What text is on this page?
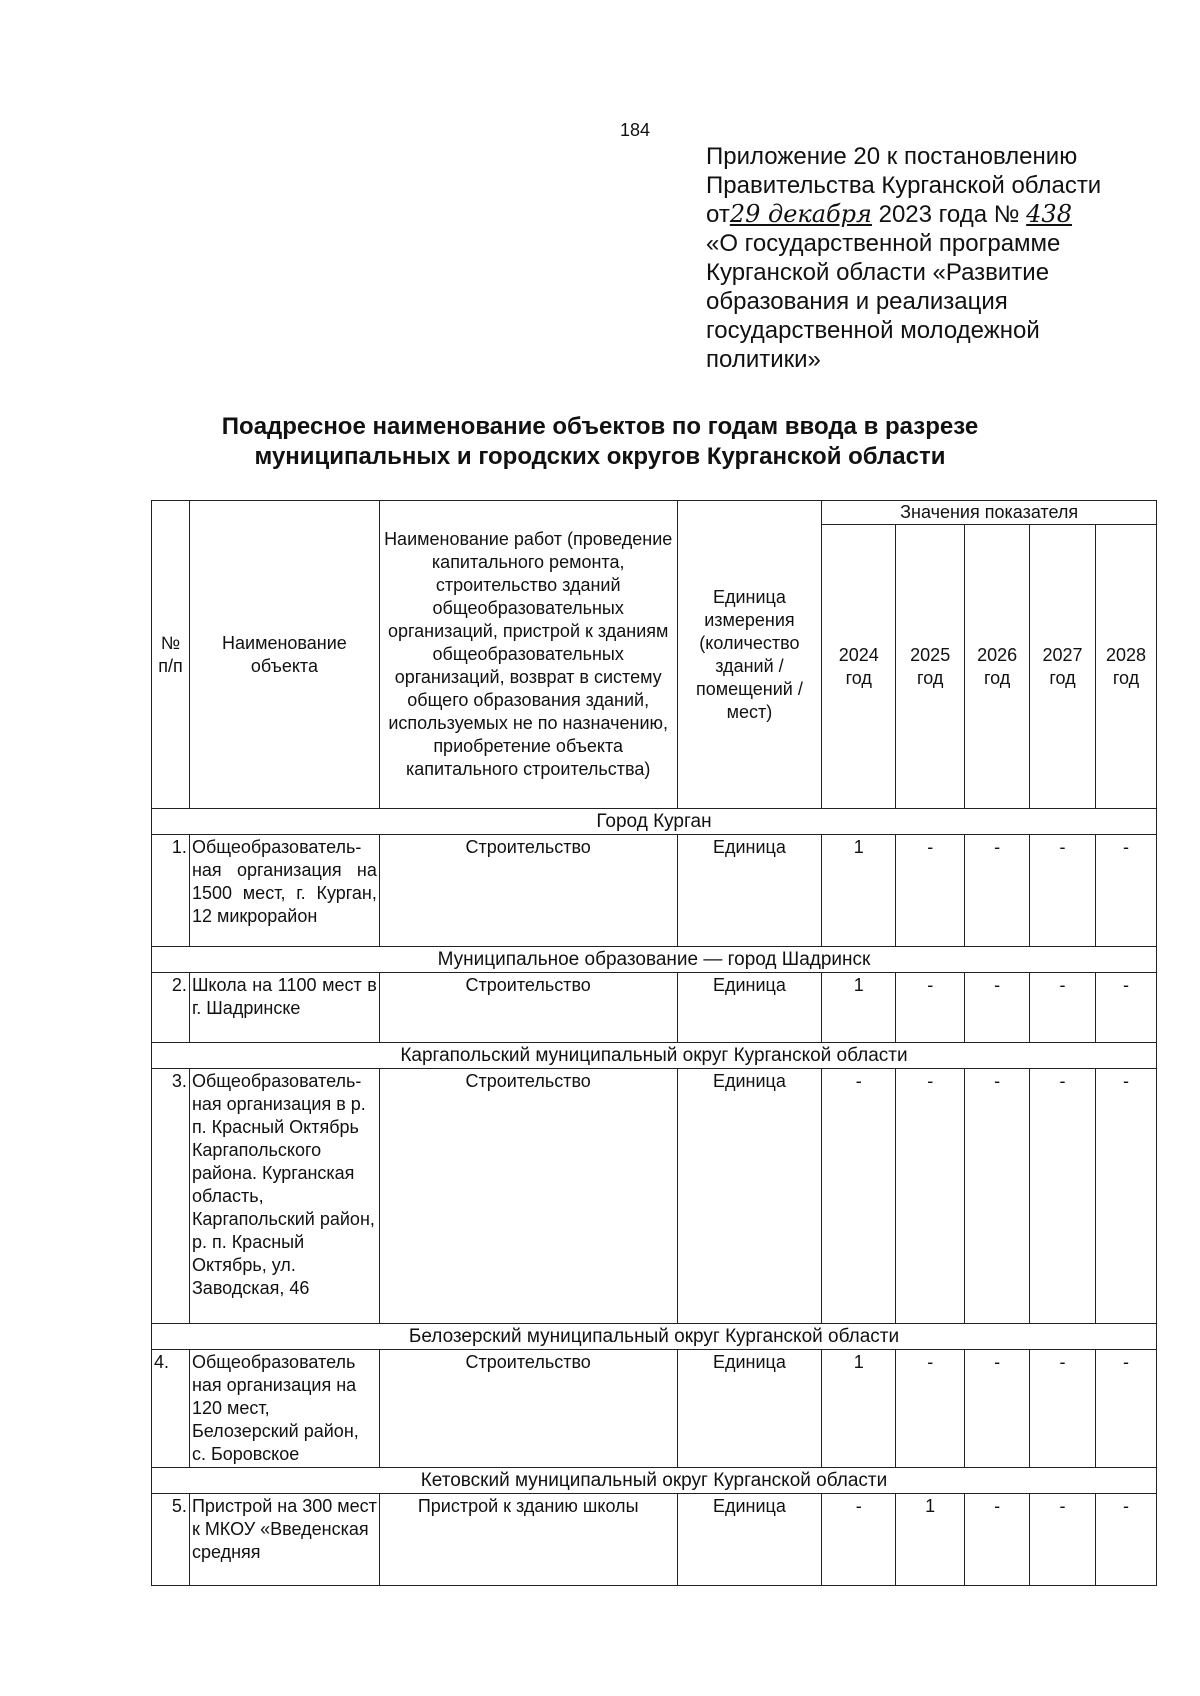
184
Приложение 20 к постановлению
Правительства Курганской области
от29 декабря 2023 года № 438
«О государственной программе
Курганской области «Развитие
образования и реализация
государственной молодежной
политики»
Поадресное наименование объектов по годам ввода в разрезе
муниципальных и городских округов Курганской области
№ п/п	Наименование объекта	Наименование работ (проведение капитального ремонта, строительство зданий общеобразовательных организаций, пристрой к зданиям общеобразовательных организаций, возврат в систему общего образования зданий, используемых не по назначению, приобретение объекта капитального строительства)	Единица измерения (количество зданий / помещений / мест)	Значения показателя				
				2024 год	2025 год	2026 год	2027 год	2028 год
Город Курган								
1.	Общеобразователь-ная организация на 1500 мест, г. Курган, 12 микрорайон	Строительство	Единица	1	-	-	-	-
Муниципальное образование — город Шадринск								
2.	Школа на 1100 мест в г. Шадринске	Строительство	Единица	1	-	-	-	-
Каргапольский муниципальный округ Курганской области								
3.	Общеобразователь-ная организация в р. п. Красный Октябрь Каргапольского района. Курганская область, Каргапольский район, р. п. Красный Октябрь, ул. Заводская, 46	Строительство	Единица	-	-	-	-	-
Белозерский муниципальный округ Курганской области								
4.	Общеобразователь ная организация на 120 мест, Белозерский район, с. Боровское	Строительство	Единица	1	-	-	-	-
Кетовский муниципальный округ Курганской области								
5.	Пристрой на 300 мест к МКОУ «Введенская средняя	Пристрой к зданию школы	Единица	-	1	-	-	-
